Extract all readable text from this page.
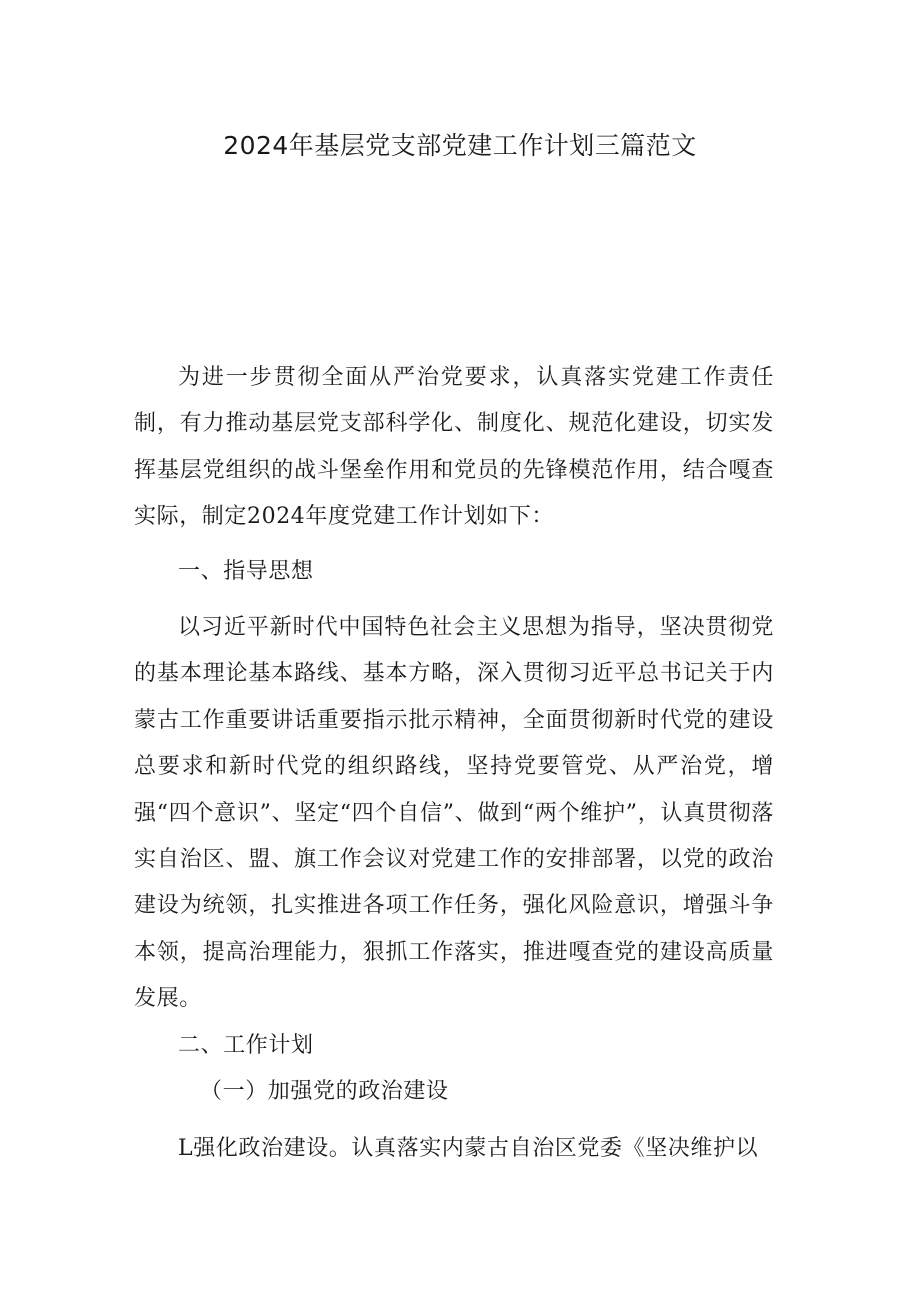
2024年基层党支部党建工作计划三篇范文

为进一步贯彻全面从严治党要求，认真落实党建工作责任制，有力推动基层党支部科学化、制度化、规范化建设，切实发挥基层党组织的战斗堡垒作用和党员的先锋模范作用，结合嘎查实际，制定2024年度党建工作计划如下：

一、指导思想

以习近平新时代中国特色社会主义思想为指导，坚决贯彻党的基本理论基本路线、基本方略，深入贯彻习近平总书记关于内蒙古工作重要讲话重要指示批示精神，全面贯彻新时代党的建设总要求和新时代党的组织路线，坚持党要管党、从严治党，增强“四个意识”、坚定“四个自信”、做到“两个维护”，认真贯彻落实自治区、盟、旗工作会议对党建工作的安排部署，以党的政治建设为统领，扎实推进各项工作任务，强化风险意识，增强斗争本领，提高治理能力，狠抓工作落实，推进嘎查党的建设高质量发展。

二、工作计划

（一）加强党的政治建设

L强化政治建设。认真落实内蒙古自治区党委《坚决维护以
